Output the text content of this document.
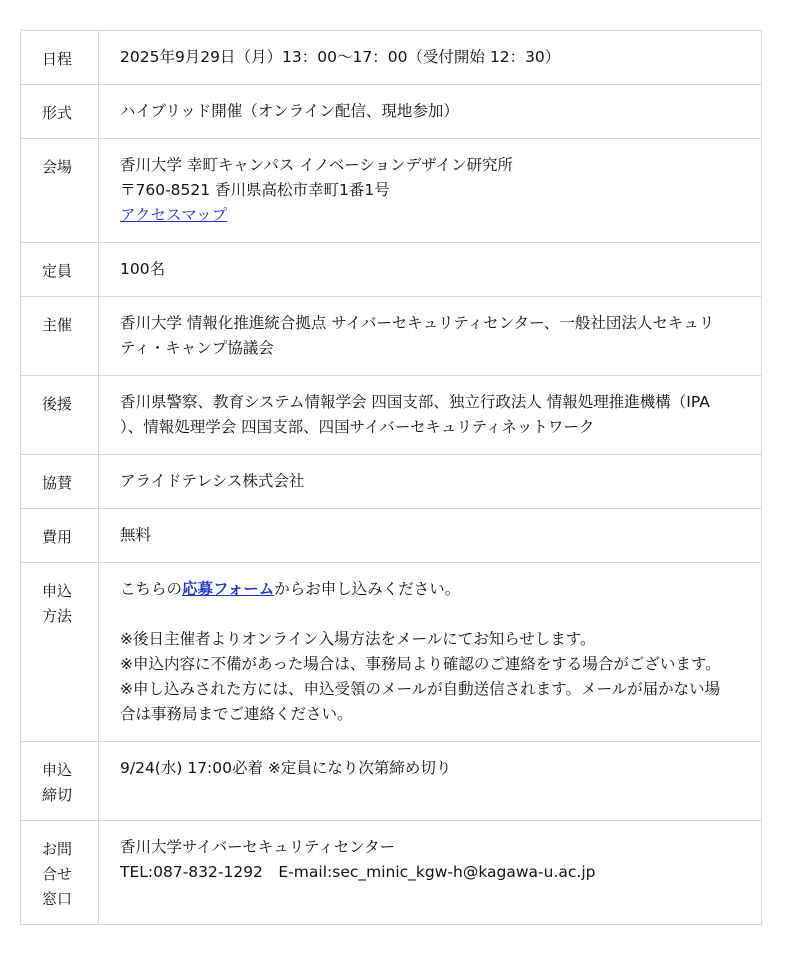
日程	2025年9月29日（月）13：00〜17：00（受付開始 12：30）

形式	ハイブリッド開催（オンライン配信、現地参加）

会場	香川大学 幸町キャンパス イノベーションデザイン研究所
〒760-8521 香川県高松市幸町1番1号
アクセスマップ

定員	100名

主催	香川大学 情報化推進統合拠点 サイバーセキュリティセンター、一般社団法人セキュリ
ティ・キャンプ協議会

後援	香川県警察、教育システム情報学会 四国支部、独立行政法人 情報処理推進機構（IPA
）、情報処理学会 四国支部、四国サイバーセキュリティネットワーク

協賛	アライドテレシス株式会社

費用	無料

申込
方法	こちらの応募フォームからお申し込みください。
※後日主催者よりオンライン入場方法をメールにてお知らせします。
※申込内容に不備があった場合は、事務局より確認のご連絡をする場合がございます。
※申し込みされた方には、申込受領のメールが自動送信されます。メールが届かない場
合は事務局までご連絡ください。

申込
締切	9/24(水) 17:00必着 ※定員になり次第締め切り

お問
合せ
窓口	香川大学サイバーセキュリティセンター
TEL:087-832-1292　E-mail:sec_minic_kgw-h@kagawa-u.ac.jp
